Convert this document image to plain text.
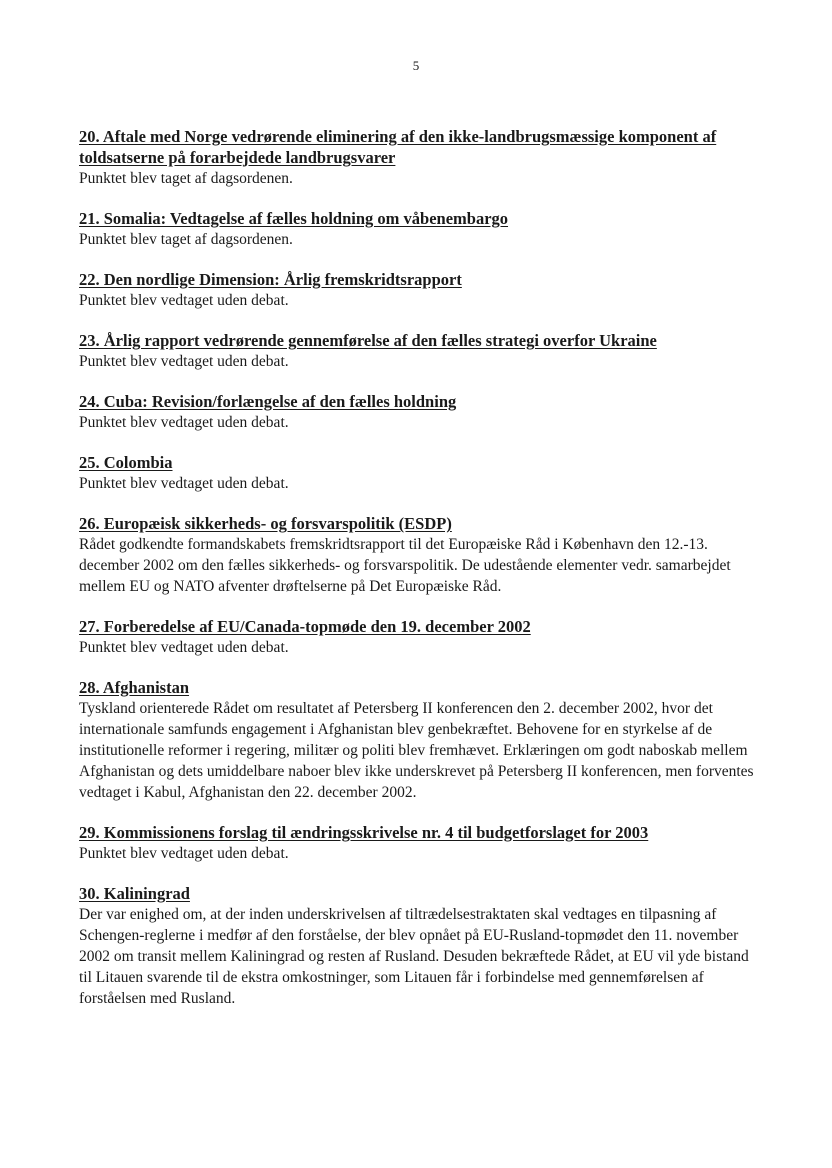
5

20. Aftale med Norge vedrørende eliminering af den ikke-landbrugsmæssige komponent af toldsatserne på forarbejdede landbrugsvarer

Punktet blev taget af dagsordenen.

21. Somalia: Vedtagelse af fælles holdning om våbenembargo

Punktet blev taget af dagsordenen.

22. Den nordlige Dimension: Årlig fremskridtsrapport

Punktet blev vedtaget uden debat.

23. Årlig rapport vedrørende gennemførelse af den fælles strategi overfor Ukraine

Punktet blev vedtaget uden debat.

24. Cuba: Revision/forlængelse af den fælles holdning

Punktet blev vedtaget uden debat.

25. Colombia

Punktet blev vedtaget uden debat.

26. Europæisk sikkerheds- og forsvarspolitik (ESDP)

Rådet godkendte formandskabets fremskridtsrapport til det Europæiske Råd i København den 12.-13. december 2002 om den fælles sikkerheds- og forsvarspolitik. De udestående elementer vedr. samarbejdet mellem EU og NATO afventer drøftelserne på Det Europæiske Råd.

27. Forberedelse af EU/Canada-topmøde den 19. december 2002

Punktet blev vedtaget uden debat.

28. Afghanistan

Tyskland orienterede Rådet om resultatet af Petersberg II konferencen den 2. december 2002, hvor det internationale samfunds engagement i Afghanistan blev genbekræftet. Behovene for en styrkelse af de institutionelle reformer i regering, militær og politi blev fremhævet. Erklæringen om godt naboskab mellem Afghanistan og dets umiddelbare naboer blev ikke underskrevet på Petersberg II konferencen, men forventes vedtaget i Kabul, Afghanistan den 22. december 2002.

29. Kommissionens forslag til ændringsskrivelse nr. 4 til budgetforslaget for 2003

Punktet blev vedtaget uden debat.

30. Kaliningrad

Der var enighed om, at der inden underskrivelsen af tiltrædelsestraktaten skal vedtages en tilpasning af Schengen-reglerne i medfør af den forståelse, der blev opnået på EU-Rusland-topmødet den 11. november 2002 om transit mellem Kaliningrad og resten af Rusland. Desuden bekræftede Rådet, at EU vil yde bistand til Litauen svarende til de ekstra omkostninger, som Litauen får i forbindelse med gennemførelsen af forståelsen med Rusland.
